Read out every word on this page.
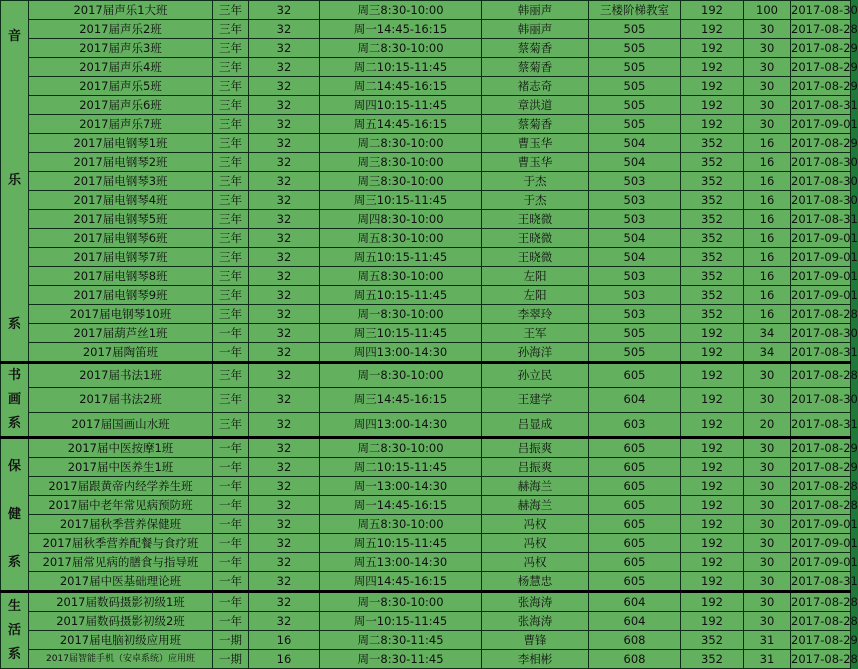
音

乐

系	2017届声乐1大班	三年	32	周三8:30-10:00	韩丽声	三楼阶梯教室	192	100	2017-08-30
	2017届声乐2班	三年	32	周一14:45-16:15	韩丽声	505	192	30	2017-08-28
	2017届声乐3班	三年	32	周二8:30-10:00	蔡菊香	505	192	30	2017-08-29
	2017届声乐4班	三年	32	周二10:15-11:45	蔡菊香	505	192	30	2017-08-29
	2017届声乐5班	三年	32	周二14:45-16:15	褚志奇	505	192	30	2017-08-29
	2017届声乐6班	三年	32	周四10:15-11:45	章洪道	505	192	30	2017-08-31
	2017届声乐7班	三年	32	周五14:45-16:15	蔡菊香	505	192	30	2017-09-01
	2017届电钢琴1班	三年	32	周二8:30-10:00	曹玉华	504	352	16	2017-08-29
	2017届电钢琴2班	三年	32	周三8:30-10:00	曹玉华	504	352	16	2017-08-30
	2017届电钢琴3班	三年	32	周三8:30-10:00	于杰	503	352	16	2017-08-30
	2017届电钢琴4班	三年	32	周三10:15-11:45	于杰	503	352	16	2017-08-30
	2017届电钢琴5班	三年	32	周四8:30-10:00	王晓微	503	352	16	2017-08-31
	2017届电钢琴6班	三年	32	周五8:30-10:00	王晓微	504	352	16	2017-09-01
	2017届电钢琴7班	三年	32	周五10:15-11:45	王晓微	504	352	16	2017-09-01
	2017届电钢琴8班	三年	32	周五8:30-10:00	左阳	503	352	16	2017-09-01
	2017届电钢琴9班	三年	32	周五10:15-11:45	左阳	503	352	16	2017-09-01
	2017届电钢琴10班	三年	32	周一8:30-10:00	李翠玲	503	352	16	2017-08-28
	2017届葫芦丝1班	一年	32	周三10:15-11:45	王军	505	192	34	2017-08-30
	2017届陶笛班	一年	32	周四13:00-14:30	孙海洋	505	192	34	2017-08-31
书
画
系	2017届书法1班	三年	32	周一8:30-10:00	孙立民	605	192	30	2017-08-28
	2017届书法2班	三年	32	周三14:45-16:15	王建学	604	192	30	2017-08-30
	2017届国画山水班	三年	32	周四13:00-14:30	吕显成	603	192	20	2017-08-31
保

健

系	2017届中医按摩1班	一年	32	周二8:30-10:00	吕振爽	605	192	30	2017-08-29
	2017届中医养生1班	一年	32	周二10:15-11:45	吕振爽	605	192	30	2017-08-29
	2017届跟黄帝内经学养生班	一年	32	周一13:00-14:30	赫海兰	605	192	30	2017-08-28
	2017届中老年常见病预防班	一年	32	周一14:45-16:15	赫海兰	605	192	30	2017-08-28
	2017届秋季营养保健班	一年	32	周五8:30-10:00	冯权	605	192	30	2017-09-01
	2017届秋季营养配餐与食疗班	一年	32	周五10:15-11:45	冯权	605	192	30	2017-09-01
	2017届常见病的膳食与指导班	一年	32	周五13:00-14:30	冯权	605	192	30	2017-09-01
	2017届中医基础理论班	一年	32	周四14:45-16:15	杨慧忠	605	192	30	2017-08-31
生
活
系	2017届数码摄影初级1班	一年	32	周一8:30-10:00	张海涛	604	192	30	2017-08-28
	2017届数码摄影初级2班	一年	32	周一10:15-11:45	张海涛	604	192	30	2017-08-28
	2017届电脑初级应用班	一期	16	周二8:30-11:45	曹锋	608	352	31	2017-08-29
	2017届智能手机（安卓系统）应用班	一期	16	周一8:30-11:45	李相彬	608	352	31	2017-08-28
